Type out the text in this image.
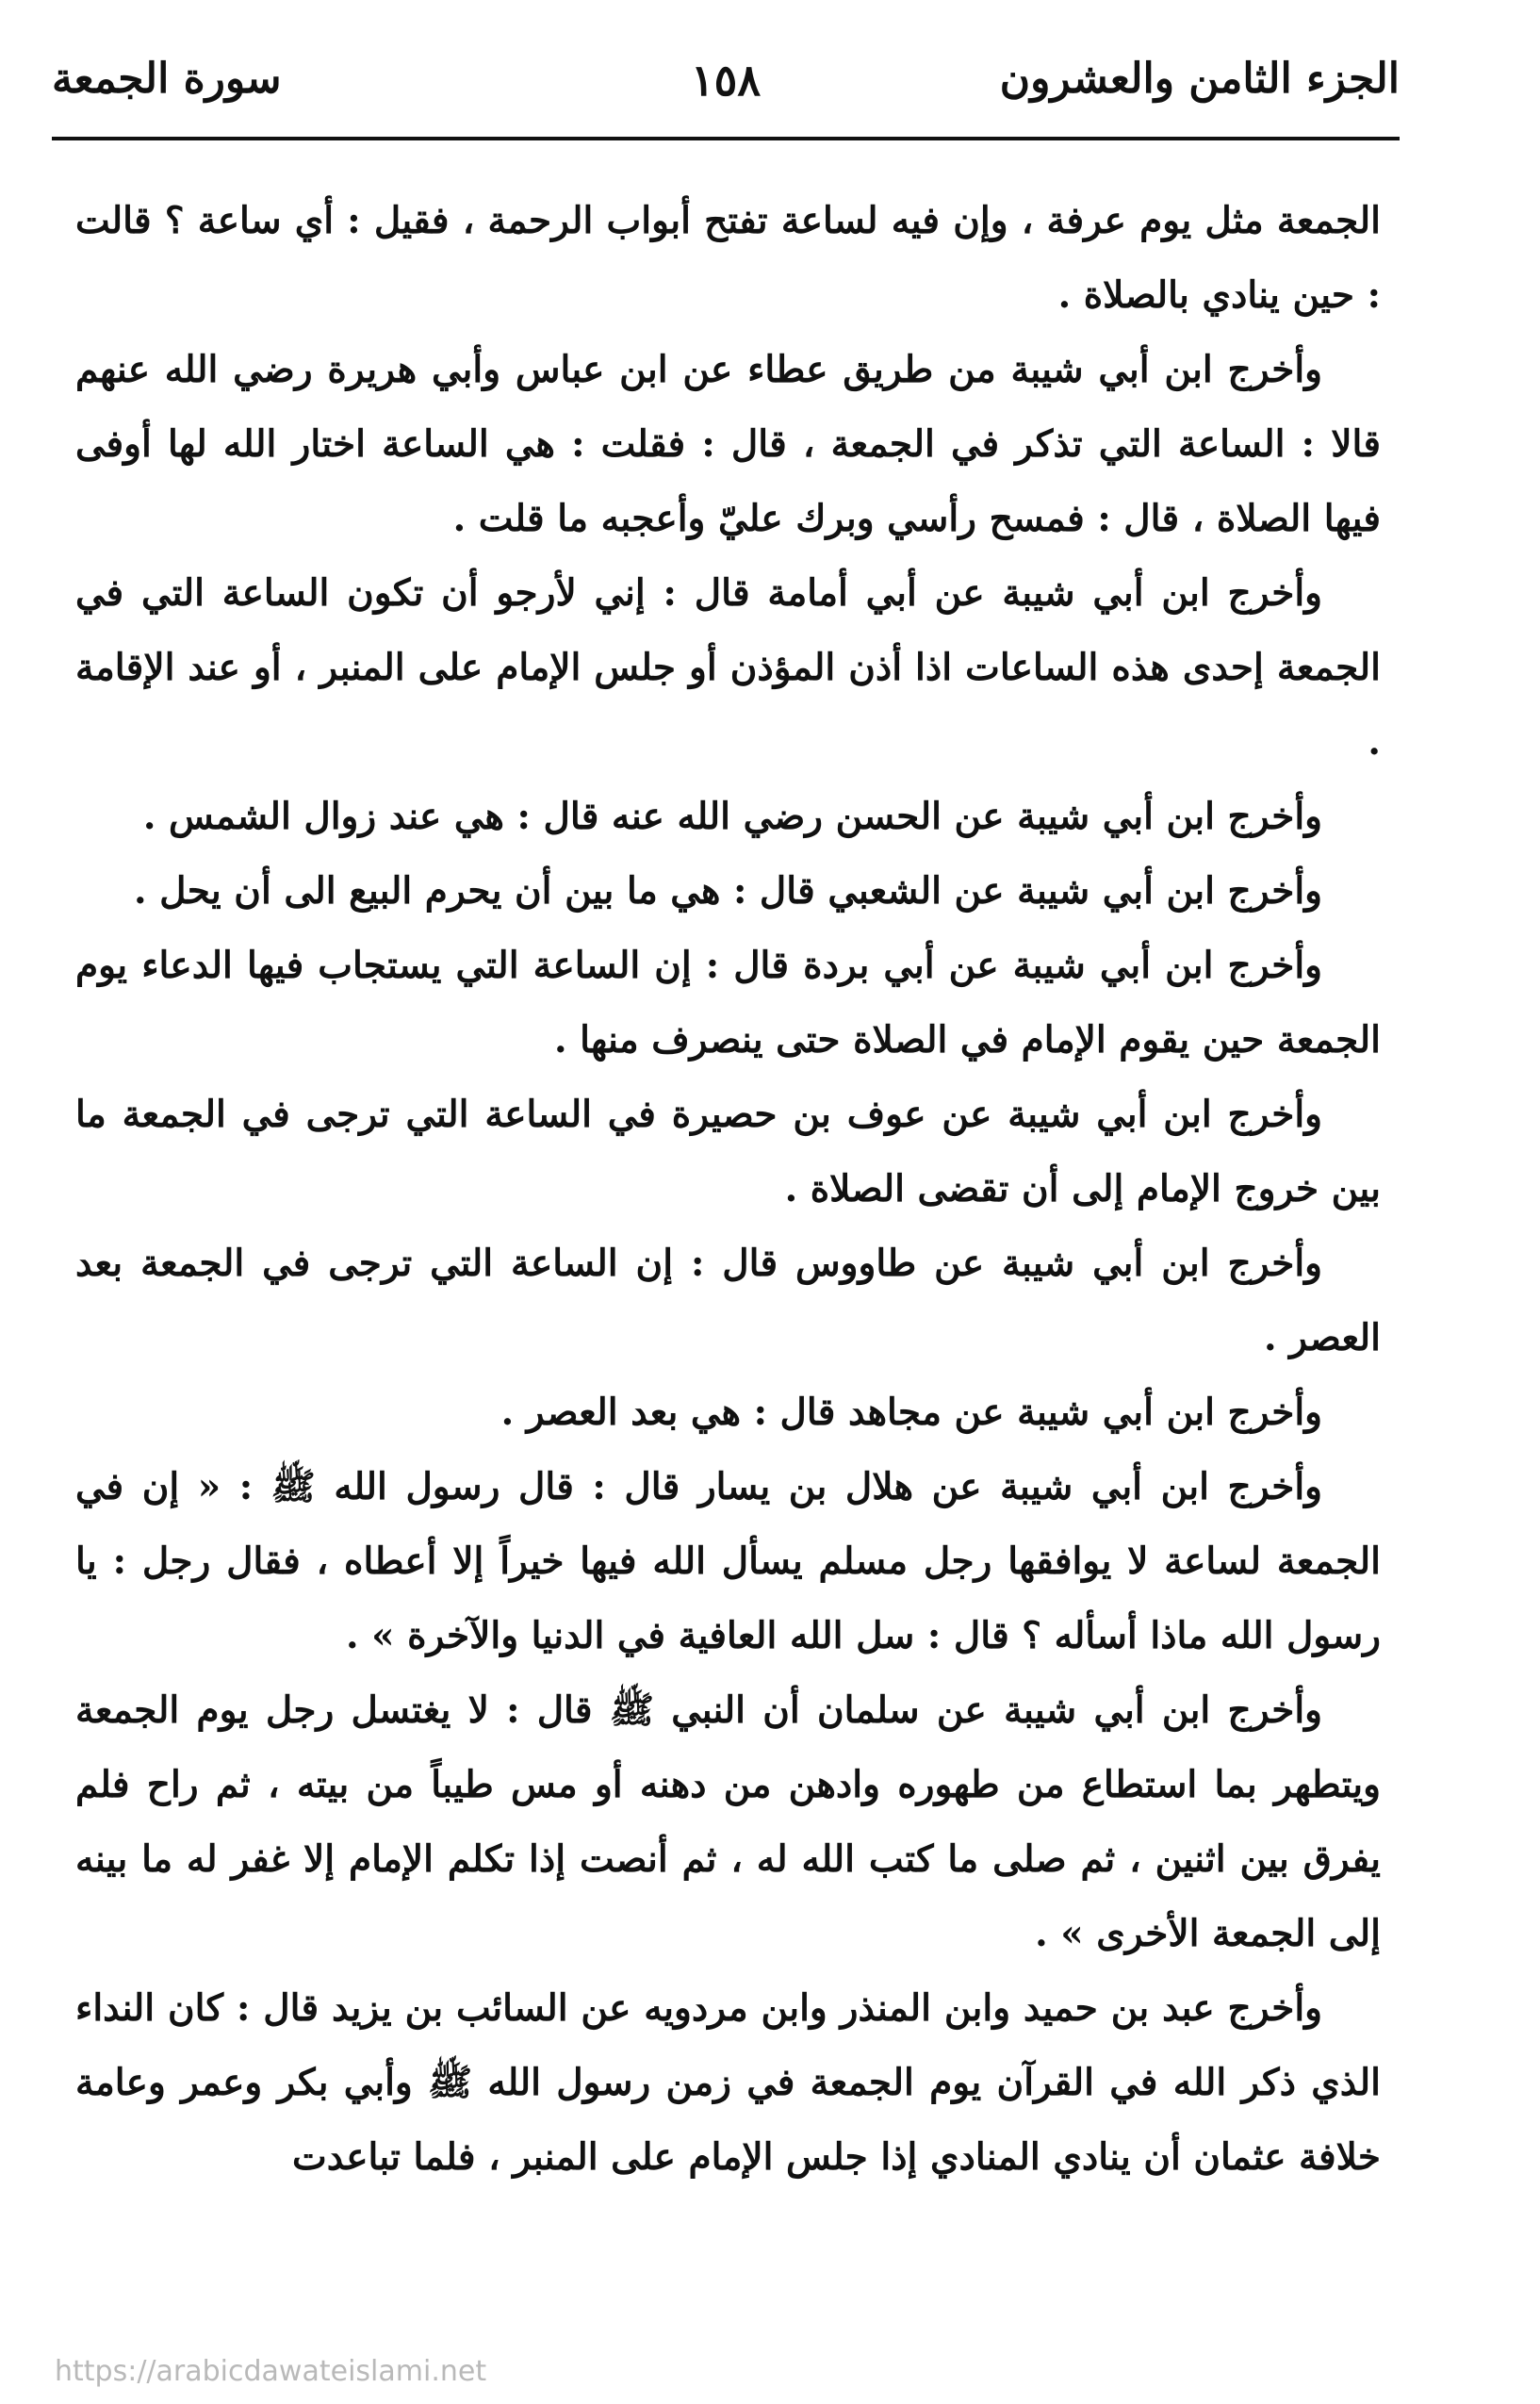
الجزء الثامن والعشرون
١٥٨
سورة الجمعة

الجمعة مثل يوم عرفة ، وإن فيه لساعة تفتح أبواب الرحمة ، فقيل : أي ساعة ؟ قالت : حين ينادي بالصلاة .

وأخرج ابن أبي شيبة من طريق عطاء عن ابن عباس وأبي هريرة رضي الله عنهم قالا : الساعة التي تذكر في الجمعة ، قال : فقلت : هي الساعة اختار الله لها أوفى فيها الصلاة ، قال : فمسح رأسي وبرك عليّ وأعجبه ما قلت .

وأخرج ابن أبي شيبة عن أبي أمامة قال : إني لأرجو أن تكون الساعة التي في الجمعة إحدى هذه الساعات اذا أذن المؤذن أو جلس الإمام على المنبر ، أو عند الإقامة .

وأخرج ابن أبي شيبة عن الحسن رضي الله عنه قال : هي عند زوال الشمس .

وأخرج ابن أبي شيبة عن الشعبي قال : هي ما بين أن يحرم البيع الى أن يحل .

وأخرج ابن أبي شيبة عن أبي بردة قال : إن الساعة التي يستجاب فيها الدعاء يوم الجمعة حين يقوم الإمام في الصلاة حتى ينصرف منها .

وأخرج ابن أبي شيبة عن عوف بن حصيرة في الساعة التي ترجى في الجمعة ما بين خروج الإمام إلى أن تقضى الصلاة .

وأخرج ابن أبي شيبة عن طاووس قال : إن الساعة التي ترجى في الجمعة بعد العصر .

وأخرج ابن أبي شيبة عن مجاهد قال : هي بعد العصر .

وأخرج ابن أبي شيبة عن هلال بن يسار قال : قال رسول الله ﷺ : « إن في الجمعة لساعة لا يوافقها رجل مسلم يسأل الله فيها خيراً إلا أعطاه ، فقال رجل : يا رسول الله ماذا أسأله ؟ قال : سل الله العافية في الدنيا والآخرة » .

وأخرج ابن أبي شيبة عن سلمان أن النبي ﷺ قال : لا يغتسل رجل يوم الجمعة ويتطهر بما استطاع من طهوره وادهن من دهنه أو مس طيباً من بيته ، ثم راح فلم يفرق بين اثنين ، ثم صلى ما كتب الله له ، ثم أنصت إذا تكلم الإمام إلا غفر له ما بينه إلى الجمعة الأخرى » .

وأخرج عبد بن حميد وابن المنذر وابن مردويه عن السائب بن يزيد قال : كان النداء الذي ذكر الله في القرآن يوم الجمعة في زمن رسول الله ﷺ وأبي بكر وعمر وعامة خلافة عثمان أن ينادي المنادي إذا جلس الإمام على المنبر ، فلما تباعدت

https://arabicdawateislami.net
